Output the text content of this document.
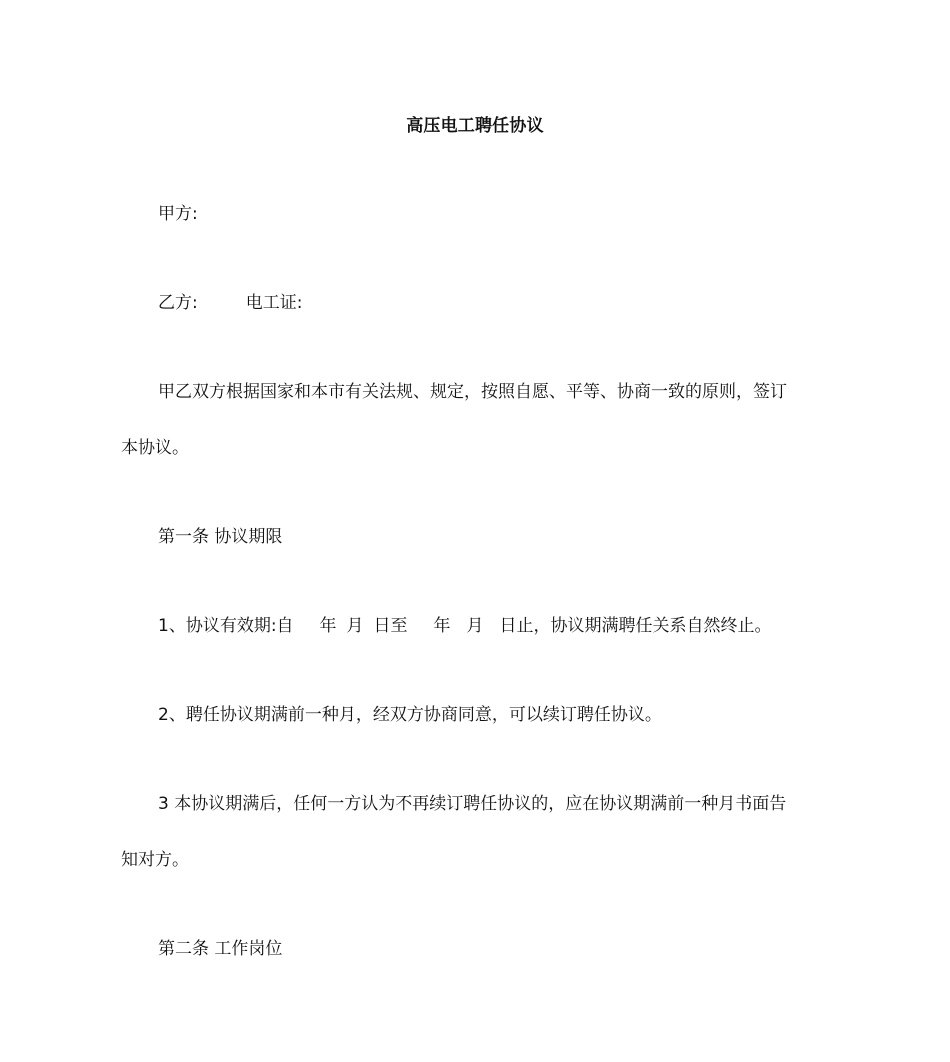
高压电工聘任协议
甲方:
乙方:	电工证:
甲乙双方根据国家和本市有关法规、规定，按照自愿、平等、协商一致的原则，签订
本协议。
第一条 协议期限
1、协议有效期:自 年 月 日至 年 月 日止，协议期满聘任关系自然终止。
2、聘任协议期满前一种月，经双方协商同意，可以续订聘任协议。
3 本协议期满后，任何一方认为不再续订聘任协议的，应在协议期满前一种月书面告
知对方。
第二条 工作岗位
